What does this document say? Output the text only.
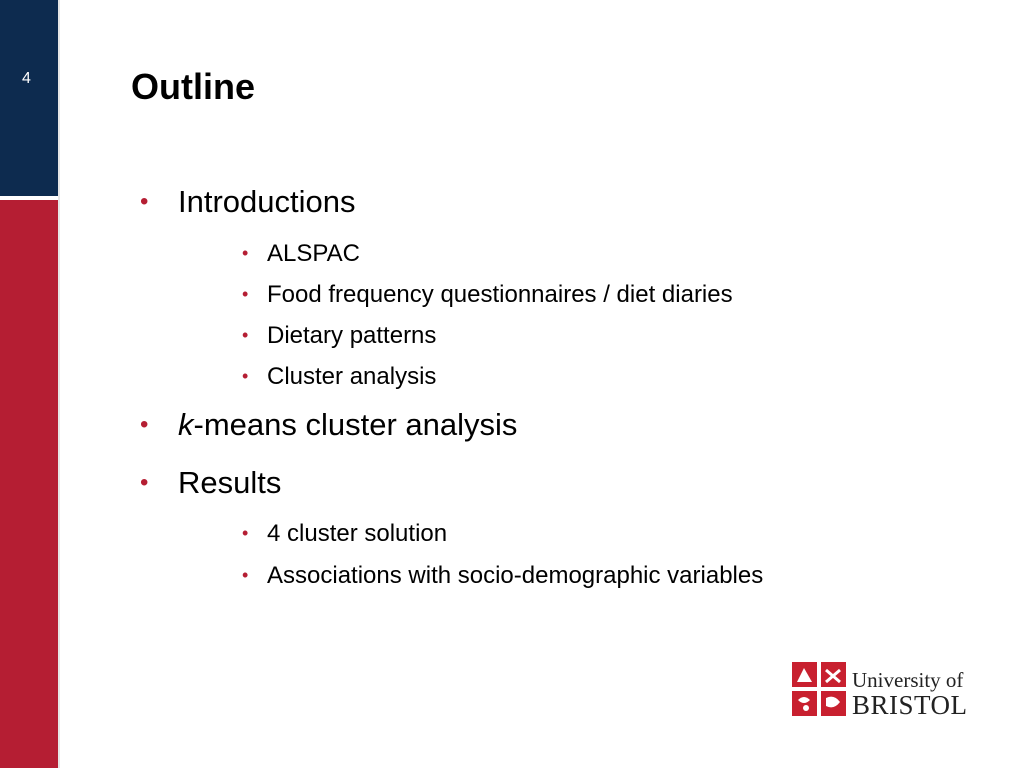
4	Outline
• Introductions
• ALSPAC
• Food frequency questionnaires / diet diaries
• Dietary patterns
• Cluster analysis
• k-means cluster analysis
• Results
• 4 cluster solution
• Associations with socio-demographic variables
University of
BRISTOL
